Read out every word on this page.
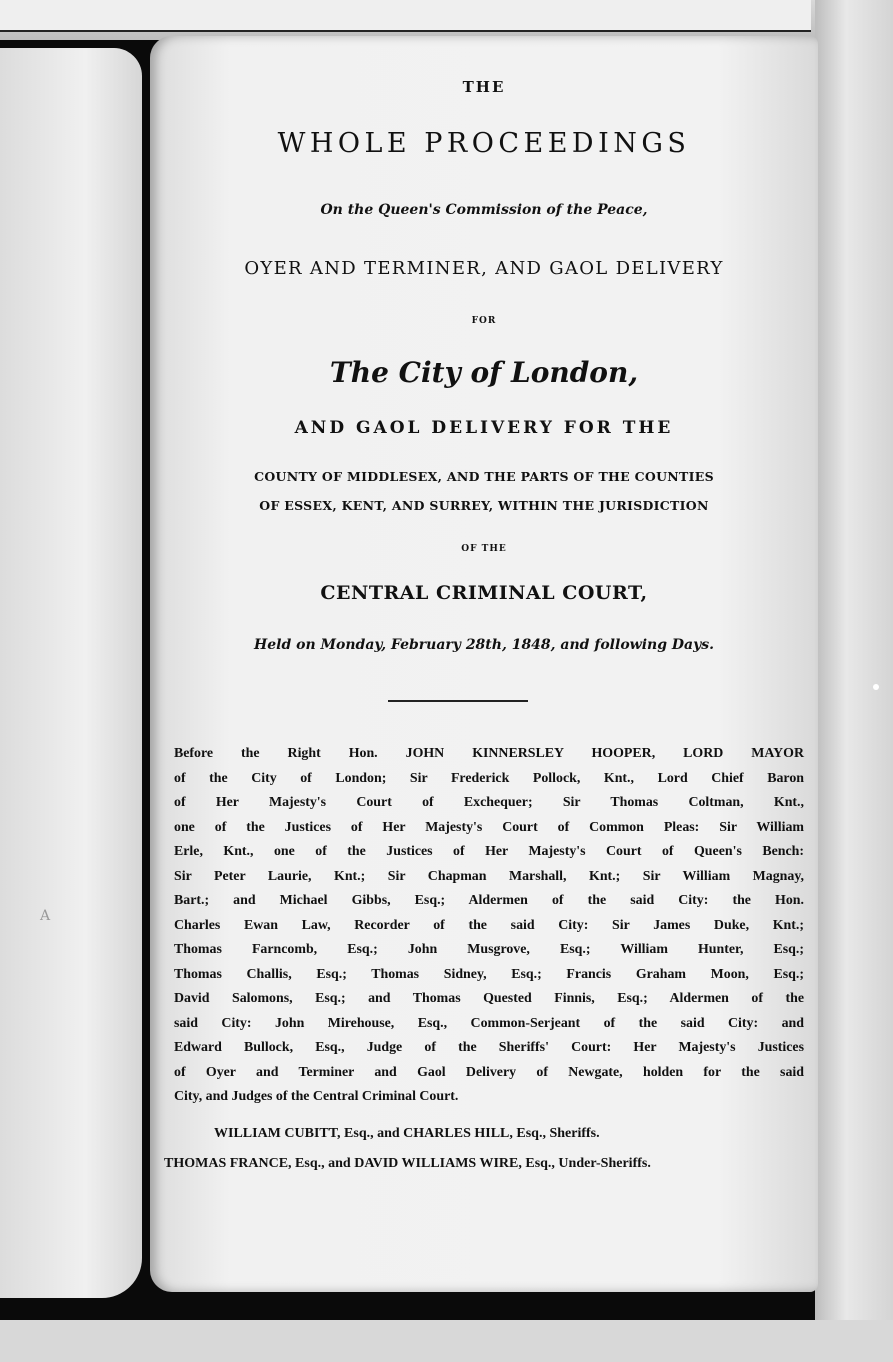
A
THE
WHOLE PROCEEDINGS
On the Queen's Commission of the Peace,
OYER AND TERMINER, AND GAOL DELIVERY
FOR
The City of London,
AND GAOL DELIVERY FOR THE
COUNTY OF MIDDLESEX, AND THE PARTS OF THE COUNTIES
OF ESSEX, KENT, AND SURREY, WITHIN THE JURISDICTION
OF THE
CENTRAL CRIMINAL COURT,
Held on Monday, February 28th, 1848, and following Days.
Before the Right Hon. JOHN KINNERSLEY HOOPER, LORD MAYOR
of the City of London; Sir Frederick Pollock, Knt., Lord Chief Baron
of Her Majesty's Court of Exchequer; Sir Thomas Coltman, Knt.,
one of the Justices of Her Majesty's Court of Common Pleas: Sir William
Erle, Knt., one of the Justices of Her Majesty's Court of Queen's Bench:
Sir Peter Laurie, Knt.; Sir Chapman Marshall, Knt.; Sir William Magnay,
Bart.; and Michael Gibbs, Esq.; Aldermen of the said City: the Hon.
Charles Ewan Law, Recorder of the said City: Sir James Duke, Knt.;
Thomas Farncomb, Esq.; John Musgrove, Esq.; William Hunter, Esq.;
Thomas Challis, Esq.; Thomas Sidney, Esq.; Francis Graham Moon, Esq.;
David Salomons, Esq.; and Thomas Quested Finnis, Esq.; Aldermen of the
said City: John Mirehouse, Esq., Common-Serjeant of the said City: and
Edward Bullock, Esq., Judge of the Sheriffs' Court: Her Majesty's Justices
of Oyer and Terminer and Gaol Delivery of Newgate, holden for the said
City, and Judges of the Central Criminal Court.
WILLIAM CUBITT, Esq., and CHARLES HILL, Esq., Sheriffs.
THOMAS FRANCE, Esq., and DAVID WILLIAMS WIRE, Esq., Under-Sheriffs.
